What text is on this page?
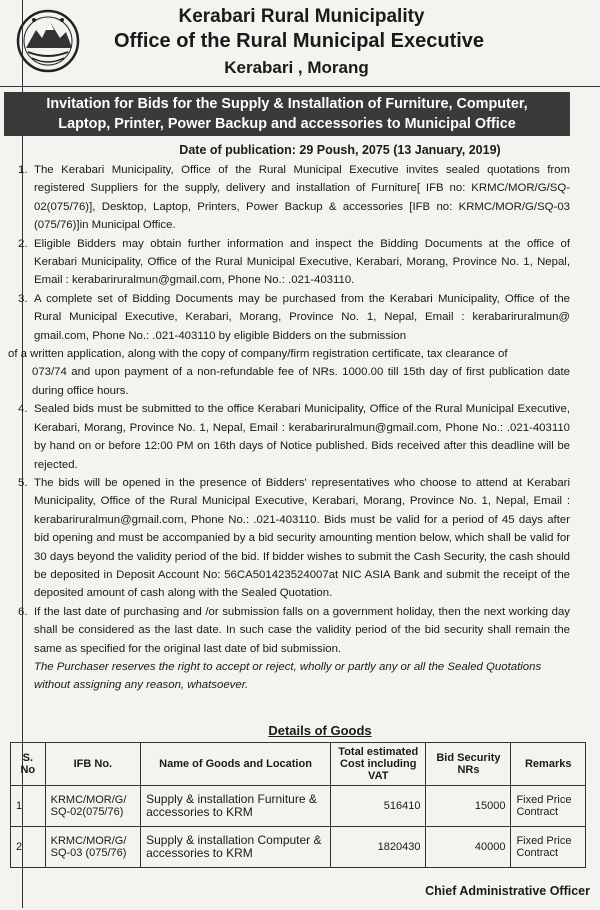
Kerabari Rural Municipality
Office of the Rural Municipal Executive
Kerabari , Morang
Invitation for Bids for the Supply & Installation of Furniture, Computer,
Laptop, Printer, Power Backup and accessories to Municipal Office
Date of publication: 29 Poush, 2075 (13 January, 2019)
1. The Kerabari Municipality, Office of the Rural Municipal Executive invites sealed quotations from registered Suppliers for the supply, delivery and installation of Furniture[ IFB no: KRMC/MOR/G/SQ-02(075/76)], Desktop, Laptop, Printers, Power Backup & accessories [IFB no: KRMC/MOR/G/SQ-03 (075/76)]in Municipal Office.
2. Eligible Bidders may obtain further information and inspect the Bidding Documents at the office of Kerabari Municipality, Office of the Rural Municipal Executive, Kerabari, Morang, Province No. 1, Nepal, Email : kerabariruralmun@gmail.com, Phone No.: .021-403110.
3. A complete set of Bidding Documents may be purchased from the Kerabari Municipality, Office of the Rural Municipal Executive, Kerabari, Morang, Province No. 1, Nepal, Email : kerabariruralmun@ gmail.com, Phone No.: .021-403110 by eligible Bidders on the submission
of a written application, along with the copy of company/firm registration certificate, tax clearance of
073/74 and upon payment of a non-refundable fee of NRs. 1000.00 till 15th day of first publication date during office hours.
4. Sealed bids must be submitted to the office Kerabari Municipality, Office of the Rural Municipal Executive, Kerabari, Morang, Province No. 1, Nepal, Email : kerabariruralmun@gmail.com, Phone No.: .021-403110 by hand on or before 12:00 PM on 16th days of Notice published. Bids received after this deadline will be rejected.
5. The bids will be opened in the presence of Bidders' representatives who choose to attend at Kerabari Municipality, Office of the Rural Municipal Executive, Kerabari, Morang, Province No. 1, Nepal, Email : kerabariruralmun@gmail.com, Phone No.: .021-403110. Bids must be valid for a period of 45 days after bid opening and must be accompanied by a bid security amounting mention below, which shall be valid for 30 days beyond the validity period of the bid. If bidder wishes to submit the Cash Security, the cash should be deposited in Deposit Account No: 56CA501423524007at NIC ASIA Bank and submit the receipt of the deposited amount of cash along with the Sealed Quotation.
6. If the last date of purchasing and /or submission falls on a government holiday, then the next working day shall be considered as the last date. In such case the validity period of the bid security shall remain the same as specified for the original last date of bid submission.
The Purchaser reserves the right to accept or reject, wholly or partly any or all the Sealed Quotations without assigning any reason, whatsoever.
Details of Goods
S. No	IFB No.	Name of Goods and Location	Total estimated Cost including VAT	Bid Security NRs	Remarks
1	KRMC/MOR/G/ SQ-02(075/76)	Supply & installation Furniture & accessories to KRM	516410	15000	Fixed Price Contract
2	KRMC/MOR/G/ SQ-03 (075/76)	Supply & installation Computer & accessories to KRM	1820430	40000	Fixed Price Contract
Chief Administrative Officer
